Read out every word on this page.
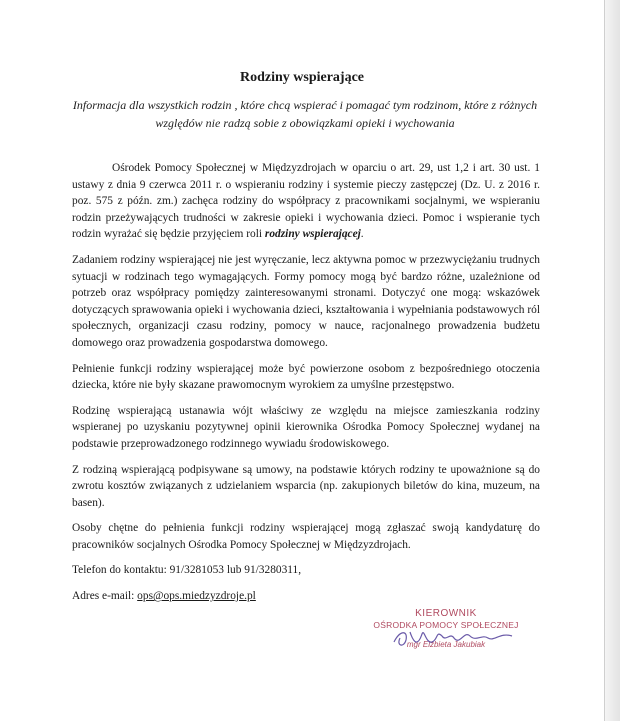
Rodziny wspierające
Informacja dla wszystkich rodzin , które chcą wspierać i pomagać tym rodzinom, które z różnych względów nie radzą sobie z obowiązkami opieki i wychowania

Ośrodek Pomocy Społecznej w Międzyzdrojach w oparciu o art. 29, ust 1,2 i art. 30 ust. 1 ustawy z dnia 9 czerwca 2011 r. o wspieraniu rodziny i systemie pieczy zastępczej (Dz. U. z 2016 r. poz. 575 z późn. zm.) zachęca rodziny do współpracy z pracownikami socjalnymi, we wspieraniu rodzin przeżywających trudności w zakresie opieki i wychowania dzieci. Pomoc i wspieranie tych rodzin wyrażać się będzie przyjęciem roli rodziny wspierającej.

Zadaniem rodziny wspierającej nie jest wyręczanie, lecz aktywna pomoc w przezwyciężaniu trudnych sytuacji w rodzinach tego wymagających. Formy pomocy mogą być bardzo różne, uzależnione od potrzeb oraz współpracy pomiędzy zainteresowanymi stronami. Dotyczyć one mogą: wskazówek dotyczących sprawowania opieki i wychowania dzieci, kształtowania i wypełniania podstawowych ról społecznych, organizacji czasu rodziny, pomocy w nauce, racjonalnego prowadzenia budżetu domowego oraz prowadzenia gospodarstwa domowego.

Pełnienie funkcji rodziny wspierającej może być powierzone osobom z bezpośredniego otoczenia dziecka, które nie były skazane prawomocnym wyrokiem za umyślne przestępstwo.

Rodzinę wspierającą ustanawia wójt właściwy ze względu na miejsce zamieszkania rodziny wspieranej po uzyskaniu pozytywnej opinii kierownika Ośrodka Pomocy Społecznej wydanej na podstawie przeprowadzonego rodzinnego wywiadu środowiskowego.

Z rodziną wspierającą podpisywane są umowy, na podstawie których rodziny te upoważnione są do zwrotu kosztów związanych z udzielaniem wsparcia (np. zakupionych biletów do kina, muzeum, na basen).

Osoby chętne do pełnienia funkcji rodziny wspierającej mogą zgłaszać swoją kandydaturę do pracowników socjalnych Ośrodka Pomocy Społecznej w Międzyzdrojach.

Telefon do kontaktu: 91/3281053 lub 91/3280311,

Adres e-mail: ops@ops.miedzyzdroje.pl

KIEROWNIK
OŚRODKA POMOCY SPOŁECZNEJ
mgr Elżbieta Jakubiak
